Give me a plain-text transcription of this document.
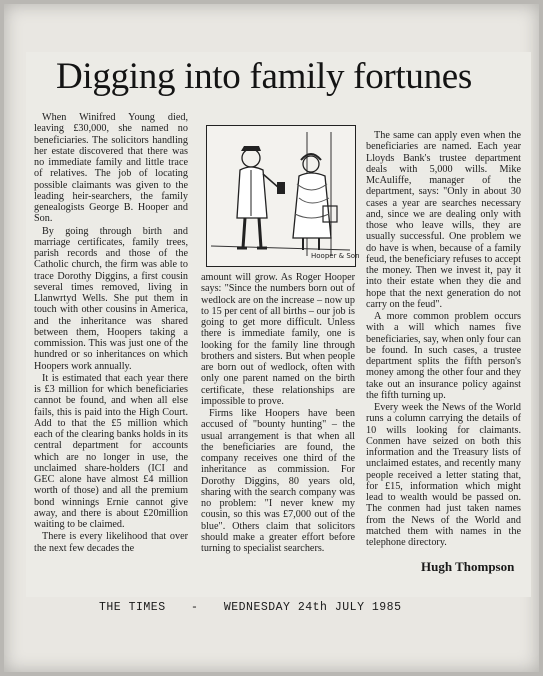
Digging into family fortunes

When Winifred Young died, leaving £30,000, she named no beneficiaries. The solicitors handling her estate discovered that there was no immediate family and little trace of relatives. The job of locating possible claimants was given to the leading heir-searchers, the family genealogists George B. Hooper and Son.

By going through birth and marriage certificates, family trees, parish records and those of the Catholic church, the firm was able to trace Dorothy Diggins, a first cousin several times removed, living in Llanwrtyd Wells. She put them in touch with other cousins in America, and the inheritance was shared between them, Hoopers taking a commission. This was just one of the hundred or so inheritances on which Hoopers work annually.

It is estimated that each year there is £3 million for which beneficiaries cannot be found, and when all else fails, this is paid into the High Court. Add to that the £5 million which each of the clearing banks holds in its central department for accounts which are no longer in use, the unclaimed share-holders (ICI and GEC alone have almost £4 million worth of those) and all the premium bond winnings Ernie cannot give away, and there is about £20million waiting to be claimed.

There is every likelihood that over the next few decades the

Hooper & Son

amount will grow. As Roger Hooper says: "Since the numbers born out of wedlock are on the increase – now up to 15 per cent of all births – our job is going to get more difficult. Unless there is immediate family, one is looking for the family line through brothers and sisters. But when people are born out of wedlock, often with only one parent named on the birth certificate, these relationships are impossible to prove.

Firms like Hoopers have been accused of "bounty hunting" – the usual arrangement is that when all the beneficiaries are found, the company receives one third of the inheritance as commission. For Dorothy Diggins, 80 years old, sharing with the search company was no problem: "I never knew my cousin, so this was £7,000 out of the blue". Others claim that solicitors should make a greater effort before turning to specialist searchers.

The same can apply even when the beneficiaries are named. Each year Lloyds Bank's trustee department deals with 5,000 wills. Mike McAuliffe, manager of the department, says: "Only in about 30 cases a year are searches necessary and, since we are dealing only with those who leave wills, they are usually successful. One problem we do have is when, because of a family feud, the beneficiary refuses to accept the money. Then we invest it, pay it into their estate when they die and hope that the next generation do not carry on the feud".

A more common problem occurs with a will which names five beneficiaries, say, when only four can be found. In such cases, a trustee department splits the fifth person's money among the other four and they take out an insurance policy against the fifth turning up.

Every week the News of the World runs a column carrying the details of 10 wills looking for claimants. Conmen have seized on both this information and the Treasury lists of unclaimed estates, and recently many people received a letter stating that, for £15, information which might lead to wealth would be passed on. The conmen had just taken names from the News of the World and matched them with names in the telephone directory.

Hugh Thompson
THE TIMES - WEDNESDAY 24th JULY 1985
